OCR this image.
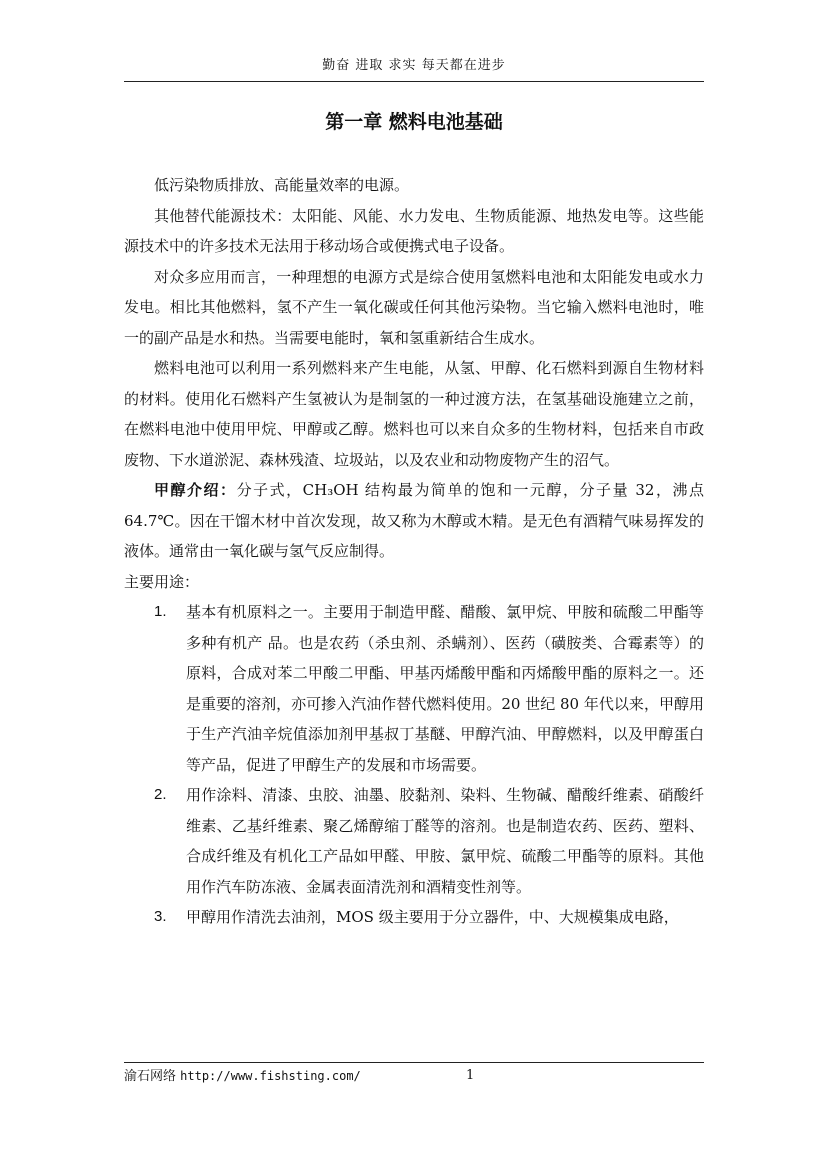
勤奋 进取 求实 每天都在进步
第一章 燃料电池基础

低污染物质排放、高能量效率的电源。

其他替代能源技术：太阳能、风能、水力发电、生物质能源、地热发电等。这些能源技术中的许多技术无法用于移动场合或便携式电子设备。

对众多应用而言，一种理想的电源方式是综合使用氢燃料电池和太阳能发电或水力发电。相比其他燃料，氢不产生一氧化碳或任何其他污染物。当它输入燃料电池时，唯一的副产品是水和热。当需要电能时，氧和氢重新结合生成水。

燃料电池可以利用一系列燃料来产生电能，从氢、甲醇、化石燃料到源自生物材料的材料。使用化石燃料产生氢被认为是制氢的一种过渡方法，在氢基础设施建立之前，在燃料电池中使用甲烷、甲醇或乙醇。燃料也可以来自众多的生物材料，包括来自市政废物、下水道淤泥、森林残渣、垃圾站，以及农业和动物废物产生的沼气。

甲醇介绍：分子式，CH₃OH 结构最为简单的饱和一元醇，分子量 32，沸点 64.7℃。因在干馏木材中首次发现，故又称为木醇或木精。是无色有酒精气味易挥发的液体。通常由一氧化碳与氢气反应制得。

主要用途：

1. 基本有机原料之一。主要用于制造甲醛、醋酸、氯甲烷、甲胺和硫酸二甲酯等多种有机产 品。也是农药（杀虫剂、杀螨剂）、医药（磺胺类、合霉素等）的原料，合成对苯二甲酸二甲酯、甲基丙烯酸甲酯和丙烯酸甲酯的原料之一。还是重要的溶剂，亦可掺入汽油作替代燃料使用。20 世纪 80 年代以来，甲醇用于生产汽油辛烷值添加剂甲基叔丁基醚、甲醇汽油、甲醇燃料，以及甲醇蛋白等产品，促进了甲醇生产的发展和市场需要。
2. 用作涂料、清漆、虫胶、油墨、胶黏剂、染料、生物碱、醋酸纤维素、硝酸纤维素、乙基纤维素、聚乙烯醇缩丁醛等的溶剂。也是制造农药、医药、塑料、合成纤维及有机化工产品如甲醛、甲胺、氯甲烷、硫酸二甲酯等的原料。其他用作汽车防冻液、金属表面清洗剂和酒精变性剂等。
3. 甲醇用作清洗去油剂，MOS 级主要用于分立器件，中、大规模集成电路，
渝石网络 http://www.fishsting.com/	1
